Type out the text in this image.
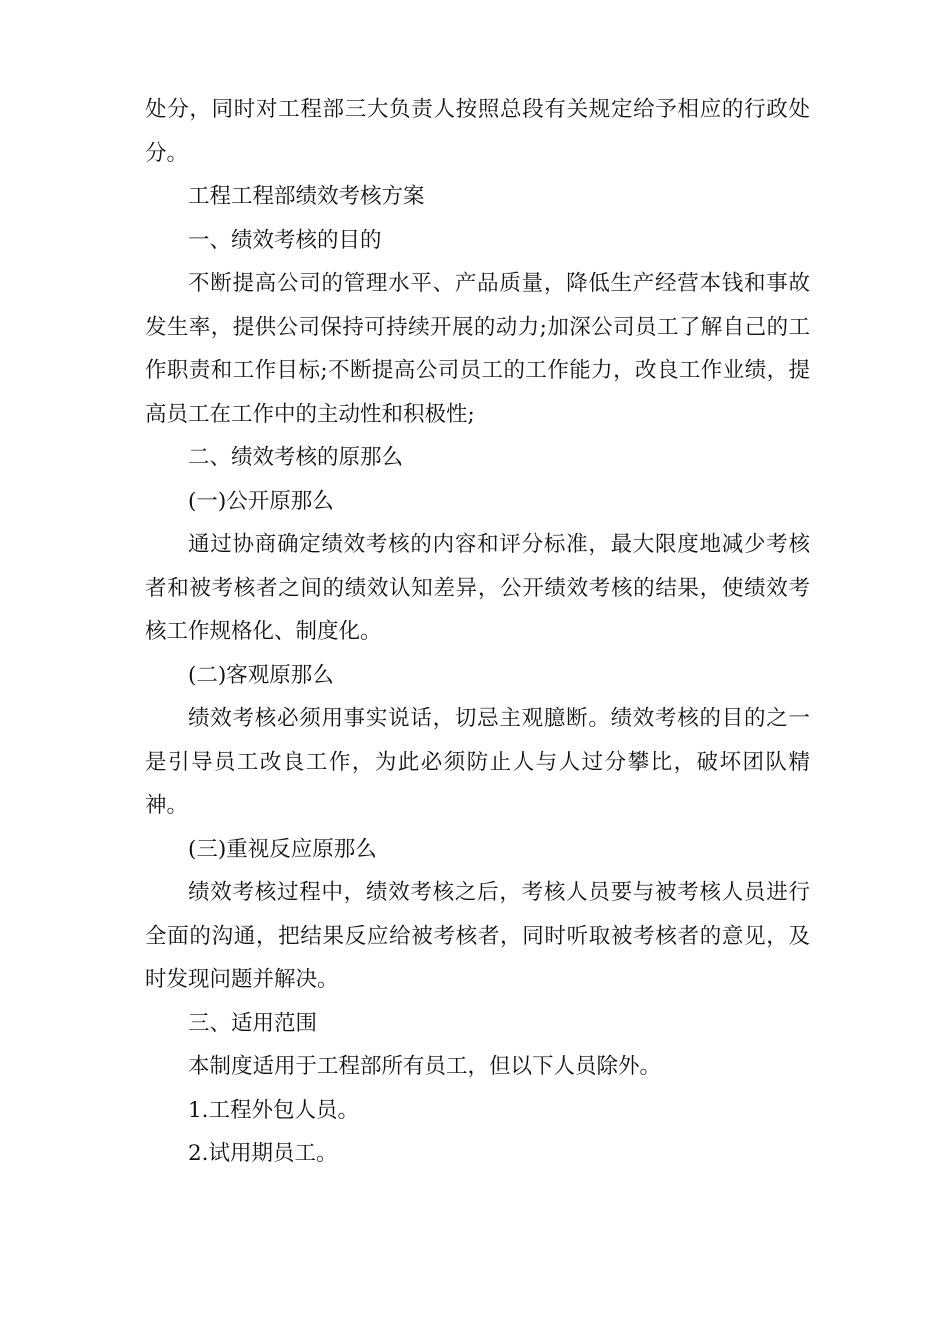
处分，同时对工程部三大负责人按照总段有关规定给予相应的行政处分。

工程工程部绩效考核方案

一、绩效考核的目的

不断提高公司的管理水平、产品质量，降低生产经营本钱和事故发生率，提供公司保持可持续开展的动力;加深公司员工了解自己的工作职责和工作目标;不断提高公司员工的工作能力，改良工作业绩，提高员工在工作中的主动性和积极性;

二、绩效考核的原那么

(一)公开原那么

通过协商确定绩效考核的内容和评分标准，最大限度地减少考核者和被考核者之间的绩效认知差异，公开绩效考核的结果，使绩效考核工作规格化、制度化。

(二)客观原那么

绩效考核必须用事实说话，切忌主观臆断。绩效考核的目的之一是引导员工改良工作，为此必须防止人与人过分攀比，破坏团队精神。

(三)重视反应原那么

绩效考核过程中，绩效考核之后，考核人员要与被考核人员进行全面的沟通，把结果反应给被考核者，同时听取被考核者的意见，及时发现问题并解决。

三、适用范围

本制度适用于工程部所有员工，但以下人员除外。

1.工程外包人员。

2.试用期员工。
